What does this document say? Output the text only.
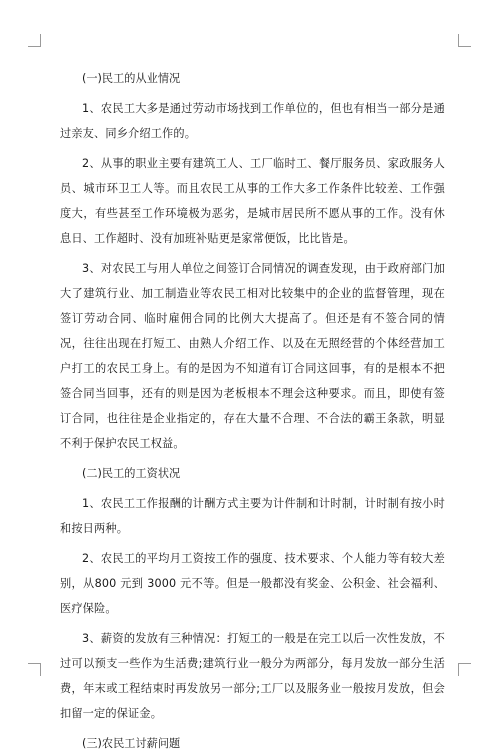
(一)民工的从业情况

1、农民工大多是通过劳动市场找到工作单位的，但也有相当一部分是通过亲友、同乡介绍工作的。

2、从事的职业主要有建筑工人、工厂临时工、餐厅服务员、家政服务人员、城市环卫工人等。而且农民工从事的工作大多工作条件比较差、工作强度大，有些甚至工作环境极为恶劣，是城市居民所不愿从事的工作。没有休息日、工作超时、没有加班补贴更是家常便饭，比比皆是。

3、对农民工与用人单位之间签订合同情况的调查发现，由于政府部门加大了建筑行业、加工制造业等农民工相对比较集中的企业的监督管理，现在签订劳动合同、临时雇佣合同的比例大大提高了。但还是有不签合同的情况，往往出现在打短工、由熟人介绍工作、以及在无照经营的个体经营加工户打工的农民工身上。有的是因为不知道有订合同这回事，有的是根本不把签合同当回事，还有的则是因为老板根本不理会这种要求。而且，即使有签订合同，也往往是企业指定的，存在大量不合理、不合法的霸王条款，明显不利于保护农民工权益。

(二)民工的工资状况

1、农民工工作报酬的计酬方式主要为计件制和计时制，计时制有按小时和按日两种。

2、农民工的平均月工资按工作的强度、技术要求、个人能力等有较大差别，从800 元到 3000 元不等。但是一般都没有奖金、公积金、社会福利、医疗保险。

3、薪资的发放有三种情况：打短工的一般是在完工以后一次性发放，不过可以预支一些作为生活费;建筑行业一般分为两部分，每月发放一部分生活费，年末或工程结束时再发放另一部分;工厂以及服务业一般按月发放，但会扣留一定的保证金。

(三)农民工讨薪问题
